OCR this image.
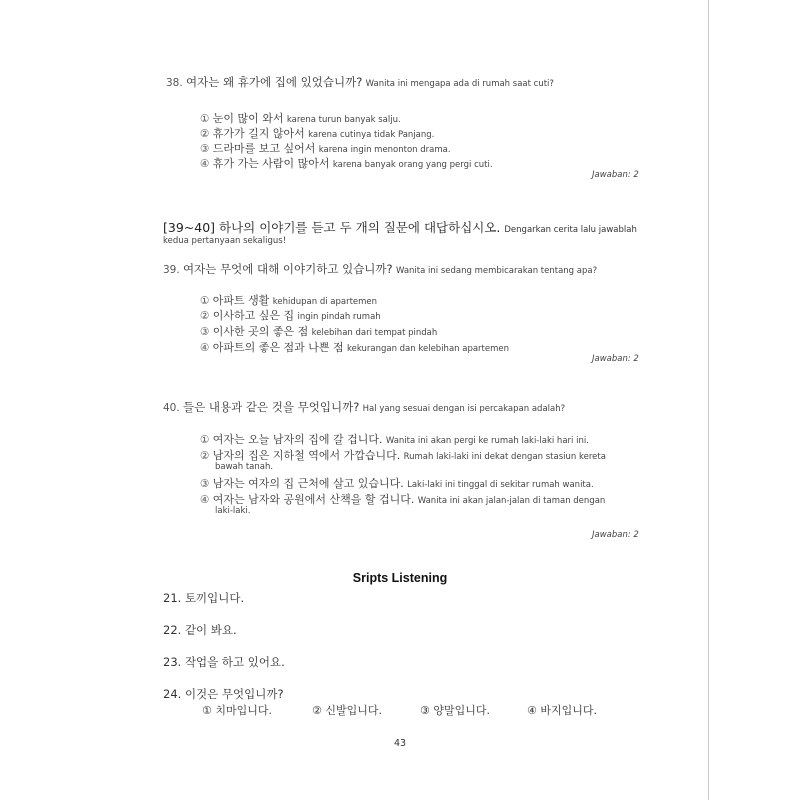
38. 여자는 왜 휴가에 집에 있었습니까? Wanita ini mengapa ada di rumah saat cuti?
① 눈이 많이 와서 karena turun banyak salju.
② 휴가가 길지 않아서 karena cutinya tidak Panjang.
③ 드라마를 보고 싶어서 karena ingin menonton drama.
④ 휴가 가는 사람이 많아서 karena banyak orang yang pergi cuti.
Jawaban: 2
[39~40] 하나의 이야기를 듣고 두 개의 질문에 대답하십시오. Dengarkan cerita lalu jawablah
kedua pertanyaan sekaligus!
39. 여자는 무엇에 대해 이야기하고 있습니까? Wanita ini sedang membicarakan tentang apa?
① 아파트 생활 kehidupan di apartemen
② 이사하고 싶은 집 ingin pindah rumah
③ 이사한 곳의 좋은 점 kelebihan dari tempat pindah
④ 아파트의 좋은 점과 나쁜 점 kekurangan dan kelebihan apartemen
Jawaban: 2
40. 들은 내용과 같은 것을 무엇입니까? Hal yang sesuai dengan isi percakapan adalah?
① 여자는 오늘 남자의 집에 갈 겁니다. Wanita ini akan pergi ke rumah laki-laki hari ini.
② 남자의 집은 지하철 역에서 가깝습니다. Rumah laki-laki ini dekat dengan stasiun kereta
bawah tanah.
③ 남자는 여자의 집 근처에 살고 있습니다. Laki-laki ini tinggal di sekitar rumah wanita.
④ 여자는 남자와 공원에서 산책을 할 겁니다. Wanita ini akan jalan-jalan di taman dengan
laki-laki.
Jawaban: 2
Sripts Listening
21. 토끼입니다.
22. 같이 봐요.
23. 작업을 하고 있어요.
24. 이것은 무엇입니까?
① 치마입니다.	② 신발입니다.	③ 양말입니다.	④ 바지입니다.
43
